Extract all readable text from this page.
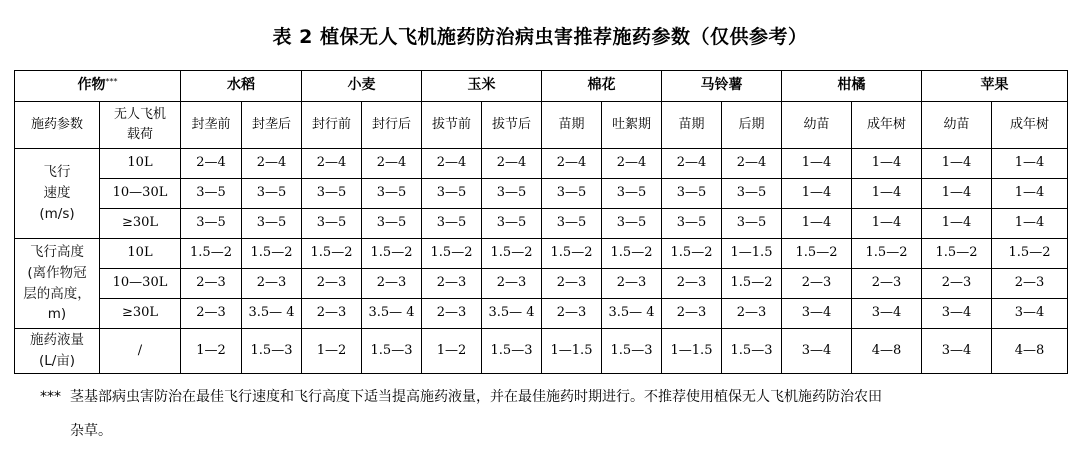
表 2 植保无人飞机施药防治病虫害推荐施药参数（仅供参考）
作物***		水稻		小麦		玉米		棉花		马铃薯		柑橘		苹果	
施药参数	无人飞机载荷	封垄前	封垄后	封行前	封行后	拔节前	拔节后	苗期	吐絮期	苗期	后期	幼苗	成年树	幼苗	成年树

飞行
速度
(m/s)	10L	2—4	2—4	2—4	2—4	2—4	2—4	2—4	2—4	2—4	2—4	1—4	1—4	1—4	1—4
	10—30L	3—5	3—5	3—5	3—5	3—5	3—5	3—5	3—5	3—5	3—5	1—4	1—4	1—4	1—4
	≥30L	3—5	3—5	3—5	3—5	3—5	3—5	3—5	3—5	3—5	3—5	1—4	1—4	1—4	1—4

飞行高度
(离作物冠
层的高度，
m)	10L	1.5—2	1.5—2	1.5—2	1.5—2	1.5—2	1.5—2	1.5—2	1.5—2	1.5—2	1—1.5	1.5—2	1.5—2	1.5—2	1.5—2
	10—30L	2—3	2—3	2—3	2—3	2—3	2—3	2—3	2—3	2—3	1.5—2	2—3	2—3	2—3	2—3
	≥30L	2—3	3.5— 4	2—3	3.5— 4	2—3	3.5— 4	2—3	3.5— 4	2—3	2—3	3—4	3—4	3—4	3—4

施药液量
(L/亩)	/	1—2	1.5—3	1—2	1.5—3	1—2	1.5—3	1—1.5	1.5—3	1—1.5	1.5—3	3—4	4—8	3—4	4—8
*** 茎基部病虫害防治在最佳飞行速度和飞行高度下适当提高施药液量，并在最佳施药时期进行。不推荐使用植保无人飞机施药防治农田
杂草。
